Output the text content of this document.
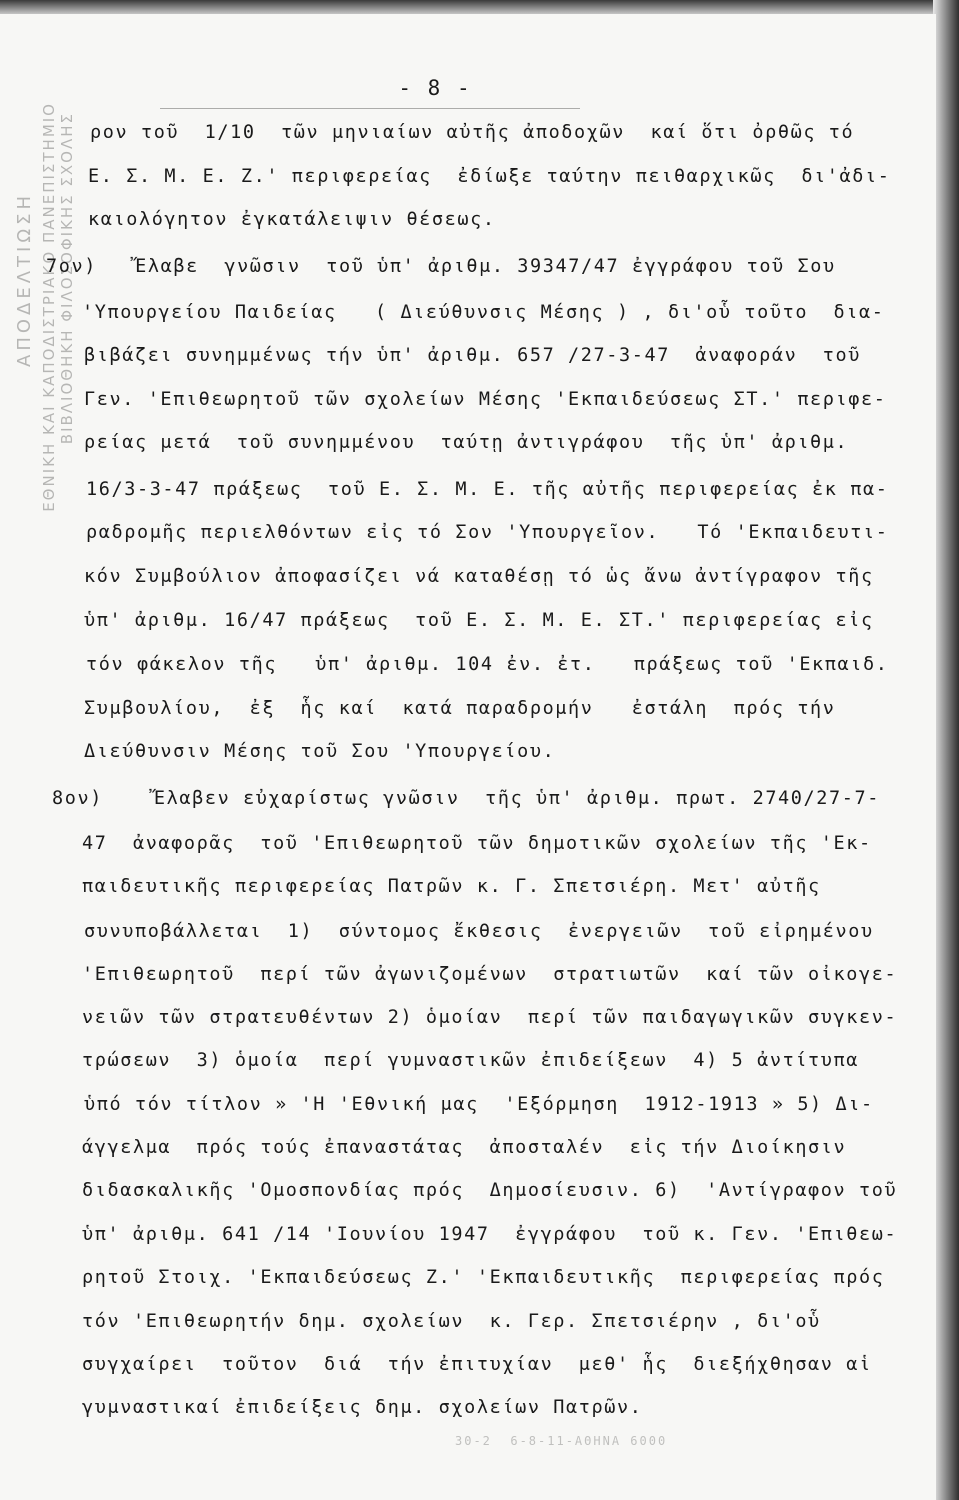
ΑΠΟΔΕΛΤΙΩΣΗ ΕΘΝΙΚΗ ΚΑΙ ΚΑΠΟΔΙΣΤΡΙΑΚΟ ΠΑΝΕΠΙΣΤΗΜΙΟ ΒΙΒΛΙΟΘΗΚΗ ΦΙΛΟΣΟΦΙΚΗΣ ΣΧΟΛΗΣ
- 8 -
ρον τοῦ  1/10  τῶν μηνιαίων αὐτῆς ἀποδοχῶν  καί ὅτι ὀρθῶς τό
Ε. Σ. Μ. Ε. Ζ.' περιφερείας  ἐδίωξε ταύτην πειθαρχικῶς  δι'ἀδι-
καιολόγητον ἐγκατάλειψιν θέσεως.
7ον)   Ἔλαβε  γνῶσιν  τοῦ ὑπ' ἀριθμ. 39347/47 ἐγγράφου τοῦ Σου
'Υπουργείου Παιδείας   ( Διεύθυνσις Μέσης ) , δι'οὗ τοῦτο  δια-
βιβάζει συνημμένως τήν ὑπ' ἀριθμ. 657 /27-3-47  ἀναφοράν  τοῦ
Γεν. 'Επιθεωρητοῦ τῶν σχολείων Μέσης 'Εκπαιδεύσεως ΣΤ.' περιφε-
ρείας μετά  τοῦ συνημμένου  ταύτῃ ἀντιγράφου  τῆς ὑπ' ἀριθμ.
16/3-3-47 πράξεως  τοῦ Ε. Σ. Μ. Ε. τῆς αὐτῆς περιφερείας ἐκ πα-
ραδρομῆς περιελθόντων εἰς τό Σον 'Υπουργεῖον.   Τό 'Εκπαιδευτι-
κόν Συμβούλιον ἀποφασίζει νά καταθέσῃ τό ὡς ἄνω ἀντίγραφον τῆς
ὑπ' ἀριθμ. 16/47 πράξεως  τοῦ Ε. Σ. Μ. Ε. ΣΤ.' περιφερείας εἰς
τόν φάκελον τῆς   ὑπ' ἀριθμ. 104 ἐν. ἐτ.   πράξεως τοῦ 'Εκπαιδ.
Συμβουλίου,  ἐξ  ἧς καί  κατά παραδρομήν   ἐστάλη  πρός τήν
Διεύθυνσιν Μέσης τοῦ Σου 'Υπουργείου.
8ον)    Ἔλαβεν εὐχαρίστως γνῶσιν  τῆς ὑπ' ἀριθμ. πρωτ. 2740/27-7-
47  ἀναφορᾶς  τοῦ 'Επιθεωρητοῦ τῶν δημοτικῶν σχολείων τῆς 'Εκ-
παιδευτικῆς περιφερείας Πατρῶν κ. Γ. Σπετσιέρη. Μετ' αὐτῆς
συνυποβάλλεται  1)  σύντομος ἔκθεσις  ἐνεργειῶν  τοῦ εἰρημένου
'Επιθεωρητοῦ  περί τῶν ἀγωνιζομένων  στρατιωτῶν  καί τῶν οἰκογε-
νειῶν τῶν στρατευθέντων 2) ὁμοίαν  περί τῶν παιδαγωγικῶν συγκεν-
τρώσεων  3) ὁμοία  περί γυμναστικῶν ἐπιδείξεων  4) 5 ἀντίτυπα
ὑπό τόν τίτλον » 'Η 'Εθνική μας  'Εξόρμηση  1912-1913 » 5) Δι-
άγγελμα  πρός τούς ἐπαναστάτας  ἀποσταλέν  εἰς τήν Διοίκησιν
διδασκαλικῆς 'Ομοσπονδίας πρός  Δημοσίευσιν. 6)  'Αντίγραφον τοῦ
ὑπ' ἀριθμ. 641 /14 'Ιουνίου 1947  ἐγγράφου  τοῦ κ. Γεν. 'Επιθεω-
ρητοῦ Στοιχ. 'Εκπαιδεύσεως Ζ.' 'Εκπαιδευτικῆς  περιφερείας πρός
τόν 'Επιθεωρητήν δημ. σχολείων  κ. Γερ. Σπετσιέρην , δι'οὗ
συγχαίρει  τοῦτον  διά  τήν ἐπιτυχίαν  μεθ' ἧς  διεξήχθησαν αἱ
γυμναστικαί ἐπιδείξεις δημ. σχολείων Πατρῶν.
30-2  6-8-11-ΑΘΗΝΑ 6000
